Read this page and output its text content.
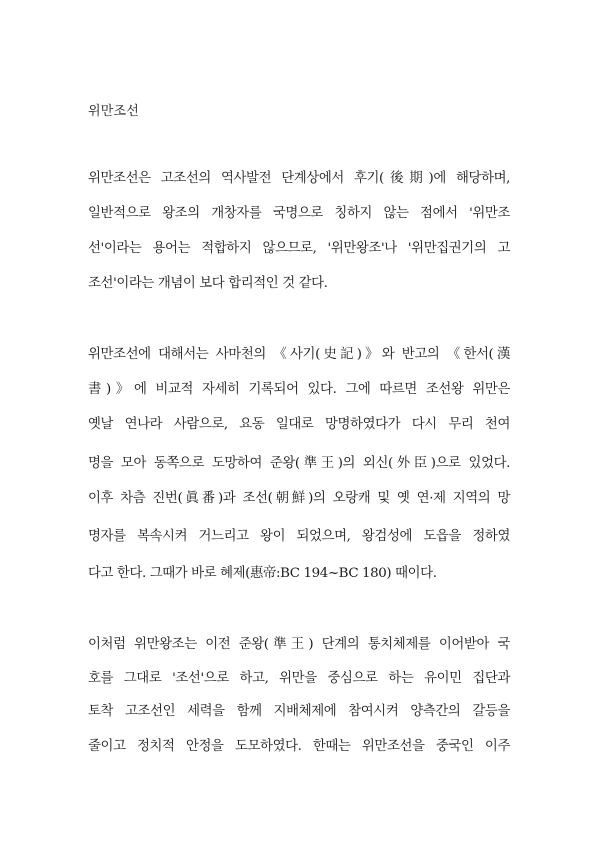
위만조선
위만조선은 고조선의 역사발전 단계상에서 후기(後期)에 해당하며,
일반적으로 왕조의 개창자를 국명으로 칭하지 않는 점에서 '위만조
선'이라는 용어는 적합하지 않으므로, '위만왕조'나 '위만집권기의 고
조선'이라는 개념이 보다 합리적인 것 같다.
위만조선에 대해서는 사마천의 《사기(史記)》와 반고의 《한서(漢
書)》에 비교적 자세히 기록되어 있다. 그에 따르면 조선왕 위만은
옛날 연나라 사람으로, 요동 일대로 망명하였다가 다시 무리 천여
명을 모아 동쪽으로 도망하여 준왕(準王)의 외신(外臣)으로 있었다.
이후 차츰 진번(眞番)과 조선(朝鮮)의 오랑캐 및 옛 연·제 지역의 망
명자를 복속시켜 거느리고 왕이 되었으며, 왕검성에 도읍을 정하였
다고 한다. 그때가 바로 혜제(惠帝:BC 194~BC 180) 때이다.
이처럼 위만왕조는 이전 준왕(準王) 단계의 통치체제를 이어받아 국
호를 그대로 '조선'으로 하고, 위만을 중심으로 하는 유이민 집단과
토착 고조선인 세력을 함께 지배체제에 참여시켜 양측간의 갈등을
줄이고 정치적 안정을 도모하였다. 한때는 위만조선을 중국인 이주
